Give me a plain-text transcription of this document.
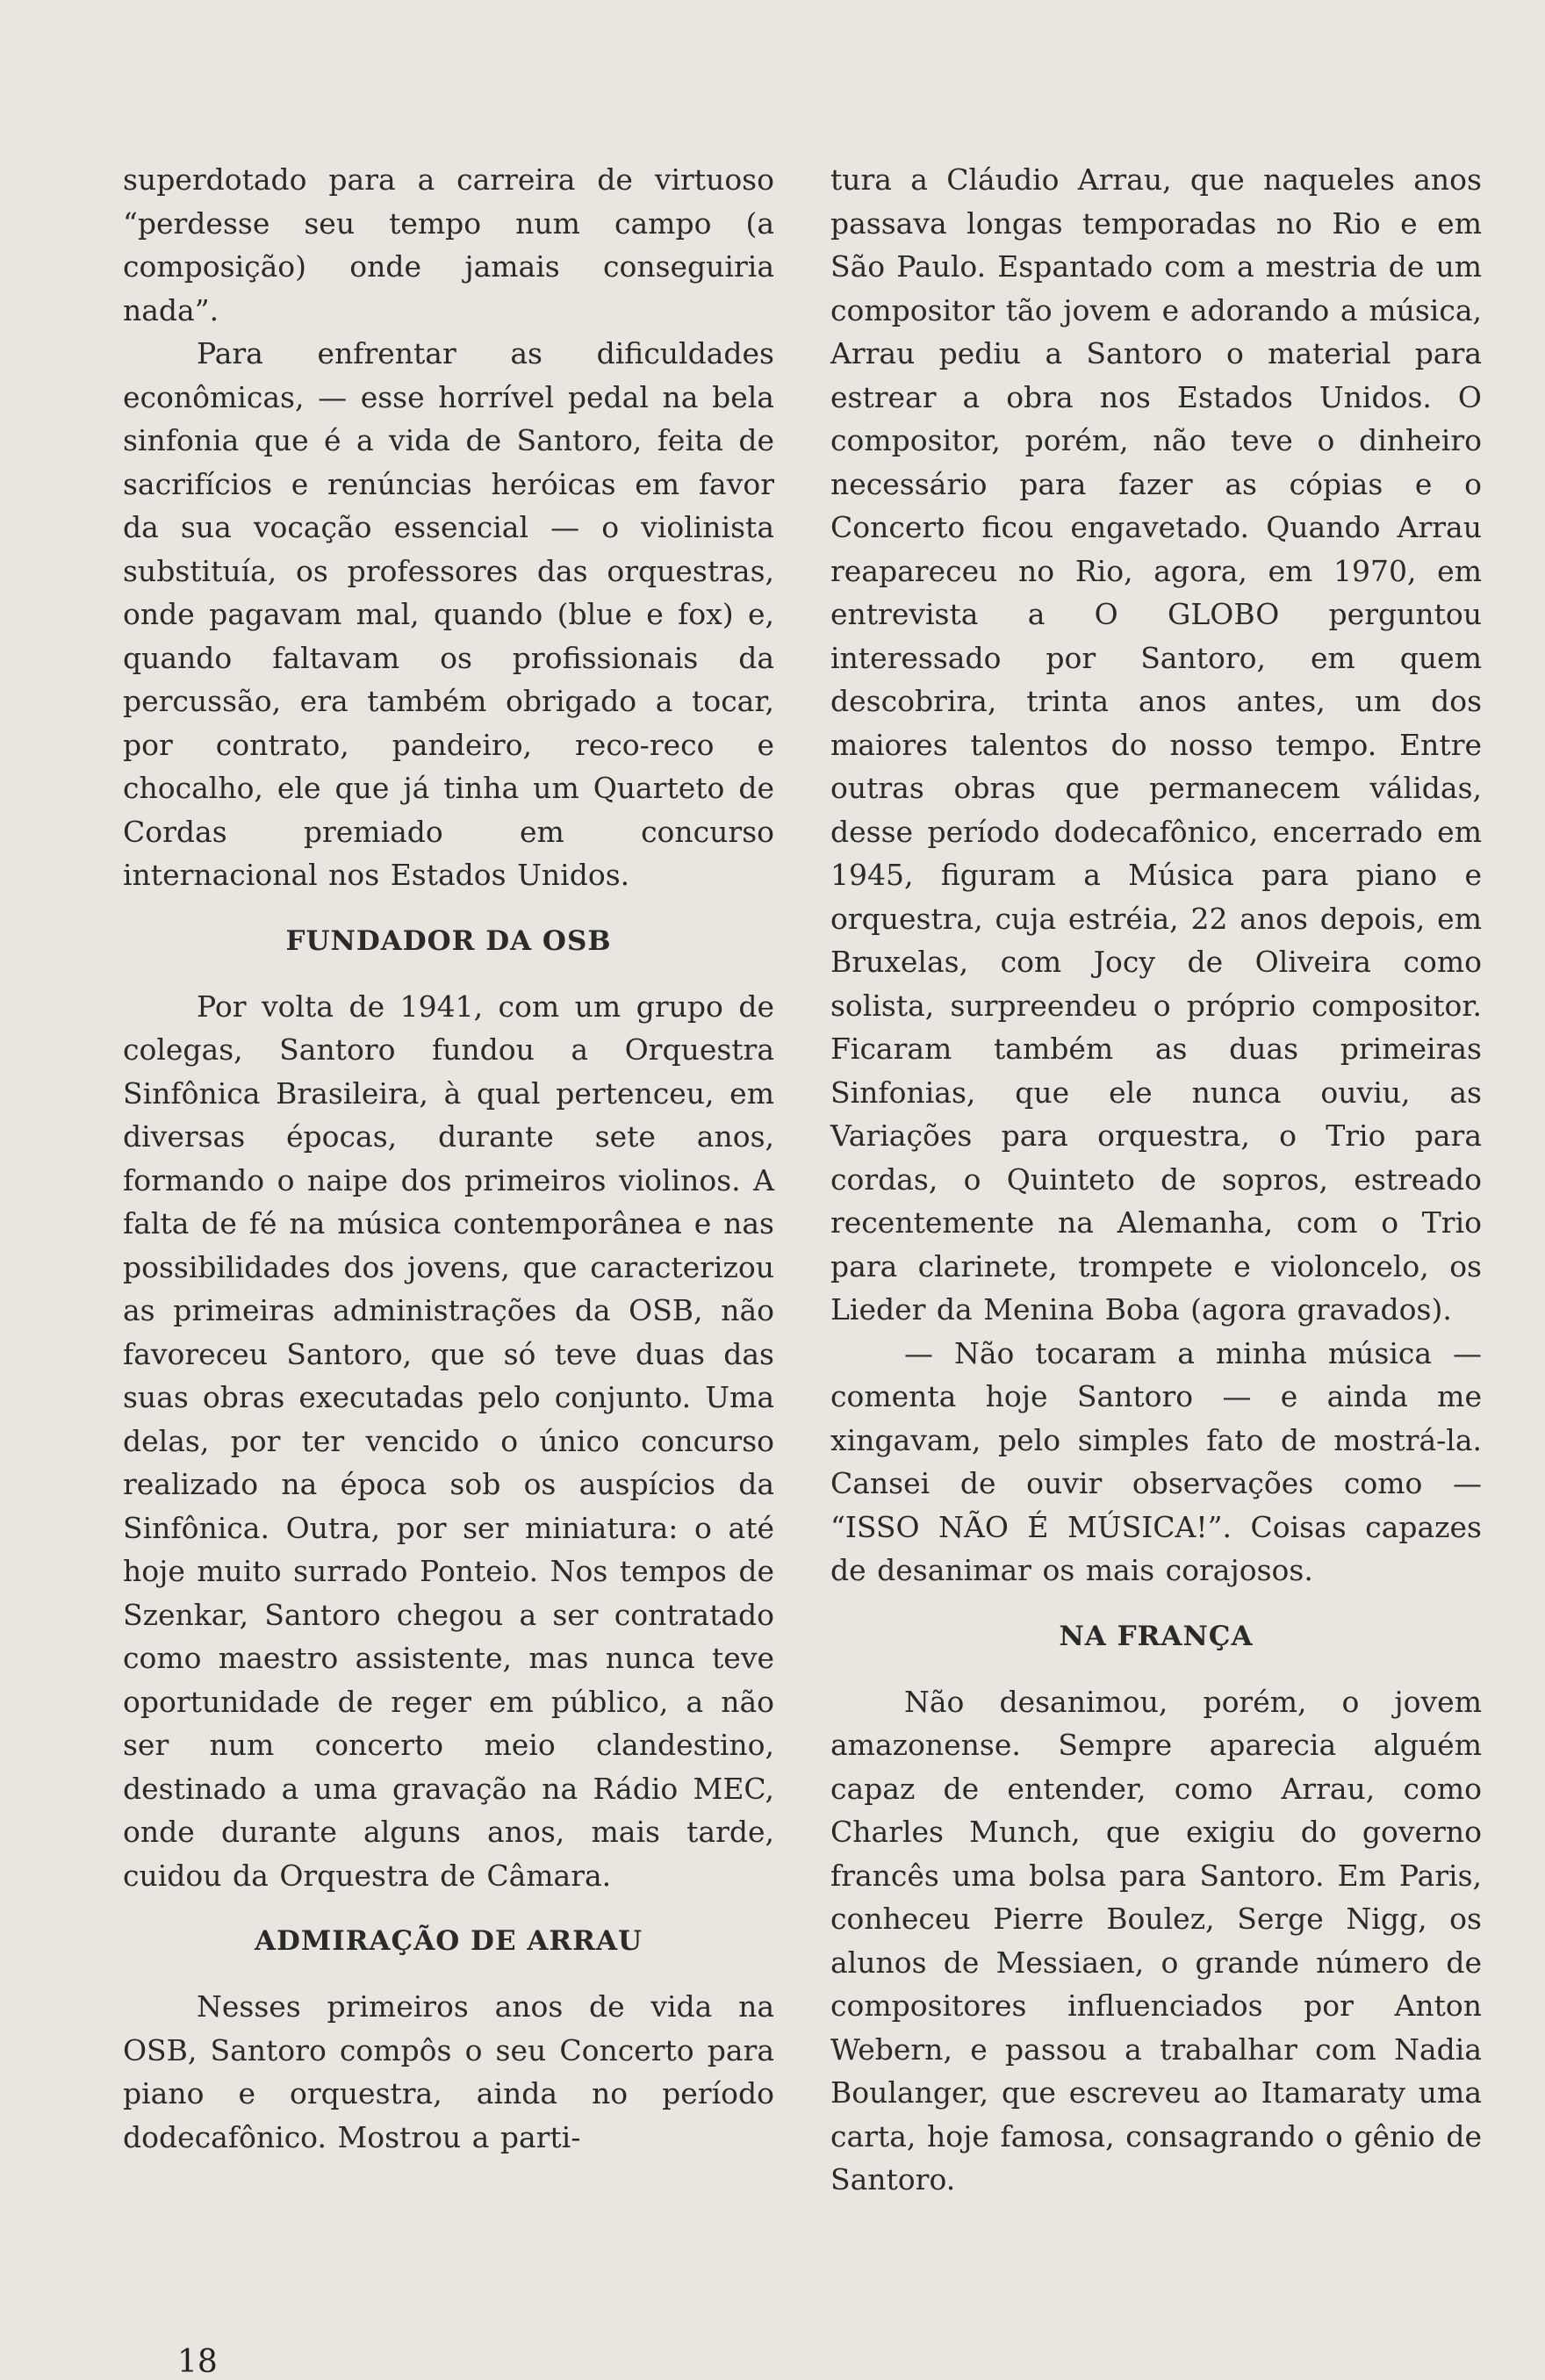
superdotado para a carreira de virtuoso “perdesse seu tempo num campo (a composição) onde jamais conseguiria nada”.

Para enfrentar as dificuldades econômicas, — esse horrível pedal na bela sinfonia que é a vida de Santoro, feita de sacrifícios e renúncias heróicas em favor da sua vocação essencial — o violinista substituía, os professores das orquestras, onde pagavam mal, quando (blue e fox) e, quando faltavam os profissionais da percussão, era também obrigado a tocar, por contrato, pandeiro, reco-reco e chocalho, ele que já tinha um Quarteto de Cordas premiado em concurso internacional nos Estados Unidos.

FUNDADOR DA OSB

Por volta de 1941, com um grupo de colegas, Santoro fundou a Orquestra Sinfônica Brasileira, à qual pertenceu, em diversas épocas, durante sete anos, formando o naipe dos primeiros violinos. A falta de fé na música contemporânea e nas possibilidades dos jovens, que caracterizou as primeiras administrações da OSB, não favoreceu Santoro, que só teve duas das suas obras executadas pelo conjunto. Uma delas, por ter vencido o único concurso realizado na época sob os auspícios da Sinfônica. Outra, por ser miniatura: o até hoje muito surrado Ponteio. Nos tempos de Szenkar, Santoro chegou a ser contratado como maestro assistente, mas nunca teve oportunidade de reger em público, a não ser num concerto meio clandestino, destinado a uma gravação na Rádio MEC, onde durante alguns anos, mais tarde, cuidou da Orquestra de Câmara.

ADMIRAÇÃO DE ARRAU

Nesses primeiros anos de vida na OSB, Santoro compôs o seu Concerto para piano e orquestra, ainda no período dodecafônico. Mostrou a parti-

tura a Cláudio Arrau, que naqueles anos passava longas temporadas no Rio e em São Paulo. Espantado com a mestria de um compositor tão jovem e adorando a música, Arrau pediu a Santoro o material para estrear a obra nos Estados Unidos. O compositor, porém, não teve o dinheiro necessário para fazer as cópias e o Concerto ficou engavetado. Quando Arrau reapareceu no Rio, agora, em 1970, em entrevista a O GLOBO perguntou interessado por Santoro, em quem descobrira, trinta anos antes, um dos maiores talentos do nosso tempo. Entre outras obras que permanecem válidas, desse período dodecafônico, encerrado em 1945, figuram a Música para piano e orquestra, cuja estréia, 22 anos depois, em Bruxelas, com Jocy de Oliveira como solista, surpreendeu o próprio compositor. Ficaram também as duas primeiras Sinfonias, que ele nunca ouviu, as Variações para orquestra, o Trio para cordas, o Quinteto de sopros, estreado recentemente na Alemanha, com o Trio para clarinete, trompete e violoncelo, os Lieder da Menina Boba (agora gravados).

— Não tocaram a minha música — comenta hoje Santoro — e ainda me xingavam, pelo simples fato de mostrá-la. Cansei de ouvir observações como — “ISSO NÃO É MÚSICA!”. Coisas capazes de desanimar os mais corajosos.

NA FRANÇA

Não desanimou, porém, o jovem amazonense. Sempre aparecia alguém capaz de entender, como Arrau, como Charles Munch, que exigiu do governo francês uma bolsa para Santoro. Em Paris, conheceu Pierre Boulez, Serge Nigg, os alunos de Messiaen, o grande número de compositores influenciados por Anton Webern, e passou a trabalhar com Nadia Boulanger, que escreveu ao Itamaraty uma carta, hoje famosa, consagrando o gênio de Santoro.

18
